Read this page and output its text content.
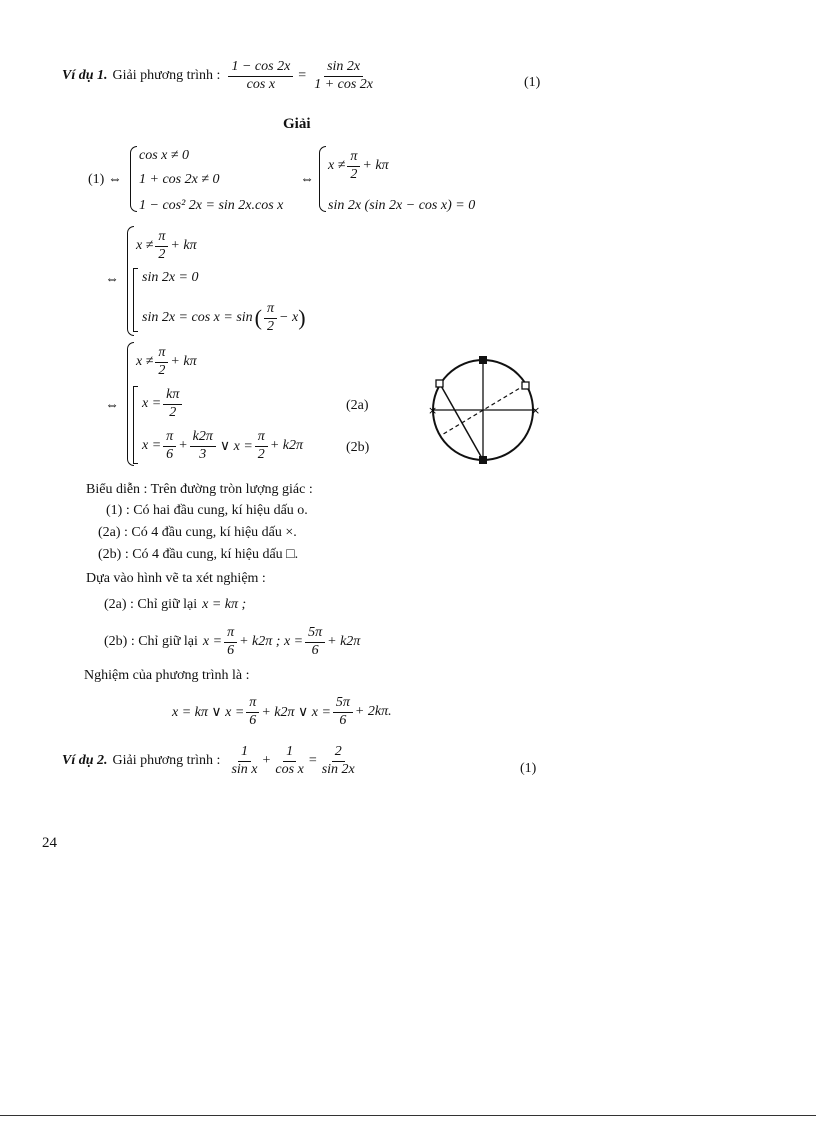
Ví dụ 1. Giải phương trình : $\frac{1 - \cos 2x}{\text{cos x}} = \frac{\sin 2x}{1 + \cos 2x}$	(1)
Giải
(1) ⇔
cos x ≠ 0
1 + cos 2x ≠ 0
1 − cos² 2x = sin 2x.cos x
⇔
$x \ne \frac{\pi}{2} + k\pi$
sin 2x (sin 2x − cos x) = 0
⇔
$x \ne \frac{\pi}{2} + k\pi$
sin 2x = 0
sin 2x = cos x = sin ( $\frac{\pi}{2} - x$ )
⇔
$x \ne \frac{\pi}{2} + k\pi$
$x = \frac{k\pi}{2}$	(2a)
$x = \frac{\pi}{6} + \frac{k2\pi}{3}$ ∨ $x = \frac{\pi}{2} + k2\pi$	(2b)
×	×
Biểu diễn : Trên đường tròn lượng giác :
(1) : Có hai đầu cung, kí hiệu dấu o.
(2a) : Có 4 đầu cung, kí hiệu dấu ×.
(2b) : Có 4 đầu cung, kí hiệu dấu □.
Dựa vào hình vẽ ta xét nghiệm :
(2a) : Chỉ giữ lại x = kπ ;
(2b) : Chỉ giữ lại $x = \frac{\pi}{6} + k2\pi$ ; $x = \frac{5\pi}{6} + k2\pi$
Nghiệm của phương trình là :
x = kπ ∨ $x = \frac{\pi}{6} + k2\pi$ ∨ $x = \frac{5\pi}{6} + 2k\pi$.
Ví dụ 2. Giải phương trình : $\frac{1}{\text{sin x}} + \frac{1}{\text{cos x}} = \frac{2}{\sin 2x}$	(1)
24
